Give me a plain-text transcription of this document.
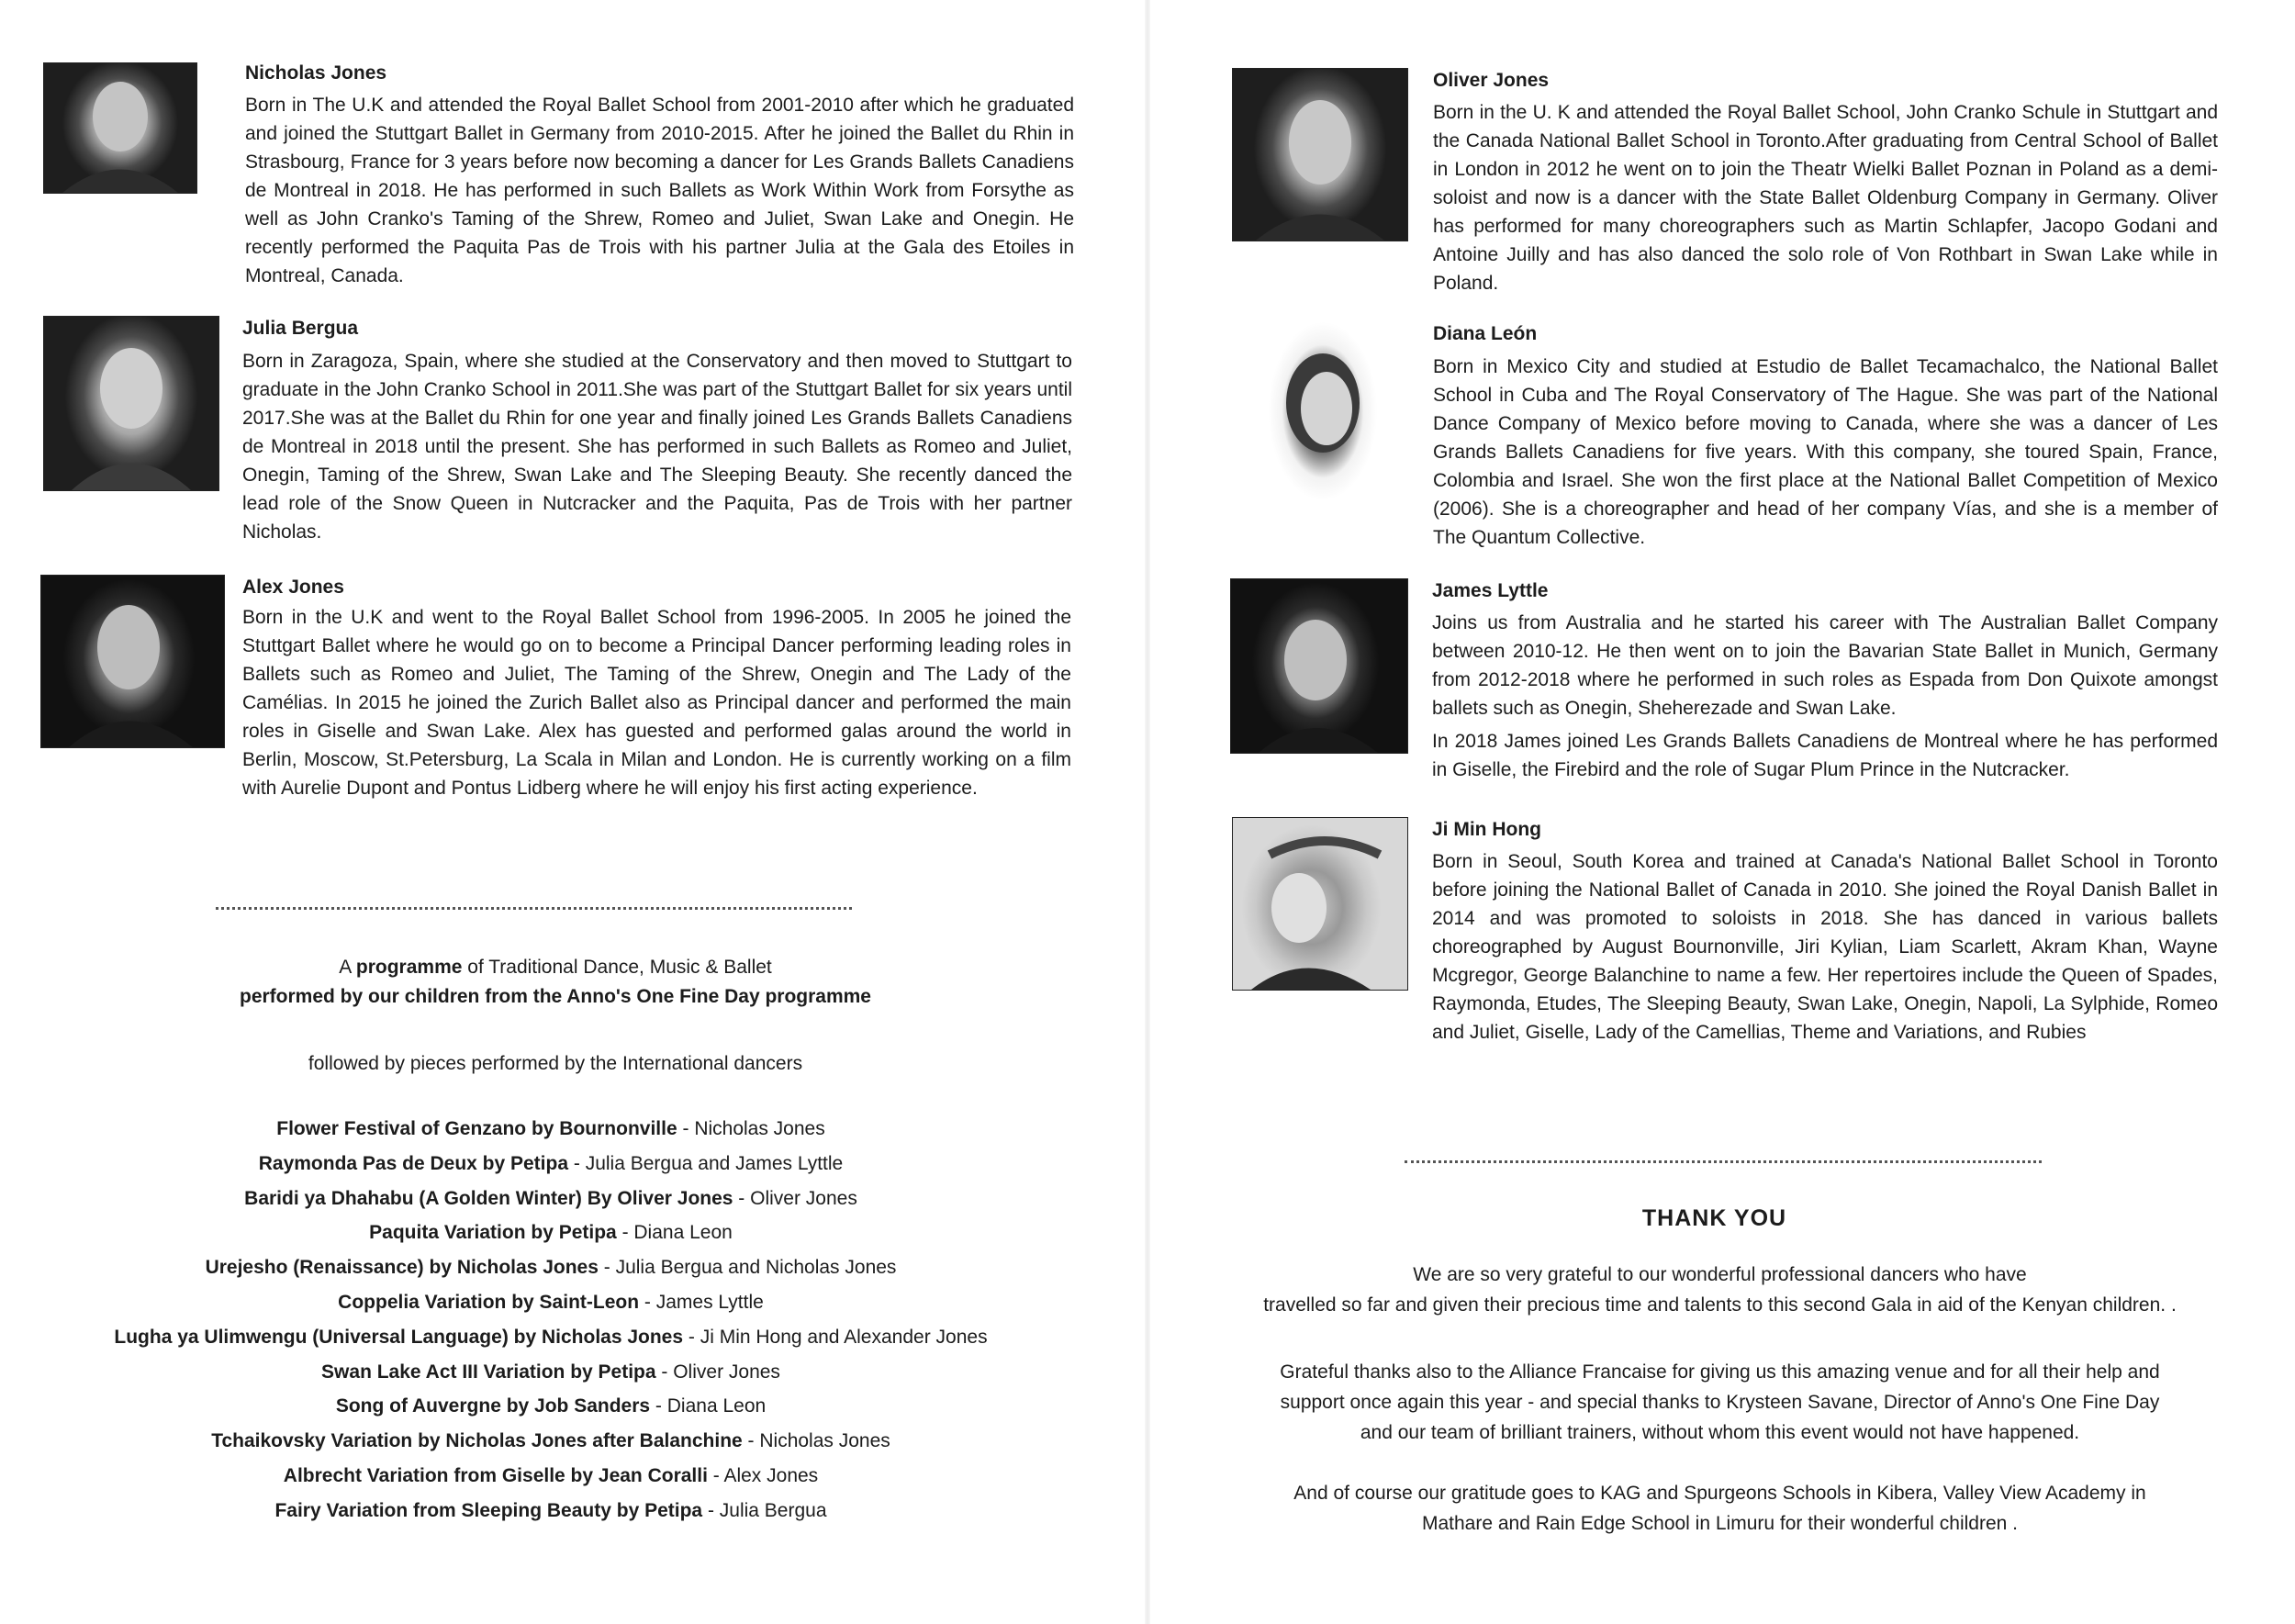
Nicholas Jones
Born in The U.K and attended the Royal Ballet School from 2001-2010 after which he graduated and joined the Stuttgart Ballet in Germany from 2010-2015. After he joined the Ballet du Rhin in Strasbourg, France for 3 years before now becoming a dancer for Les Grands Ballets Canadiens de Montreal in 2018. He has performed in such Ballets as Work Within Work from Forsythe as well as John Cranko's Taming of the Shrew, Romeo and Juliet, Swan Lake and Onegin. He recently performed the Paquita Pas de Trois with his partner Julia at the Gala des Etoiles in Montreal, Canada.
Julia Bergua
Born in Zaragoza, Spain, where she studied at the Conservatory and then moved to Stuttgart to graduate in the John Cranko School in 2011.She was part of the Stuttgart Ballet for six years until 2017.She was at the Ballet du Rhin for one year and finally joined Les Grands Ballets Canadiens de Montreal in 2018 until the present. She has performed in such Ballets as Romeo and Juliet, Onegin, Taming of the Shrew, Swan Lake and The Sleeping Beauty. She recently danced the lead role of the Snow Queen in Nutcracker and the Paquita, Pas de Trois with her partner Nicholas.
Alex Jones
Born in the U.K and went to the Royal Ballet School from 1996-2005. In 2005 he joined the Stuttgart Ballet where he would go on to become a Principal Dancer performing leading roles in Ballets such as Romeo and Juliet, The Taming of the Shrew, Onegin and The Lady of the Camélias. In 2015 he joined the Zurich Ballet also as Principal dancer and performed the main roles in Giselle and Swan Lake. Alex has guested and performed galas around the world in Berlin, Moscow, St.Petersburg, La Scala in Milan and London. He is currently working on a film with Aurelie Dupont and Pontus Lidberg where he will enjoy his first acting experience.
A programme of Traditional Dance, Music & Ballet
performed by our children from the Anno's One Fine Day programme
followed by pieces performed by the International dancers
Flower Festival of Genzano by Bournonville - Nicholas Jones
Raymonda Pas de Deux by Petipa - Julia Bergua and James Lyttle
Baridi ya Dhahabu (A Golden Winter) By Oliver Jones - Oliver Jones
Paquita Variation by Petipa - Diana Leon
Urejesho (Renaissance) by Nicholas Jones - Julia Bergua and Nicholas Jones
Coppelia Variation by Saint-Leon - James Lyttle
Lugha ya Ulimwengu (Universal Language) by Nicholas Jones - Ji Min Hong and Alexander Jones
Swan Lake Act III Variation by Petipa - Oliver Jones
Song of Auvergne by Job Sanders - Diana Leon
Tchaikovsky Variation by Nicholas Jones after Balanchine - Nicholas Jones
Albrecht Variation from Giselle by Jean Coralli - Alex Jones
Fairy Variation from Sleeping Beauty by Petipa - Julia Bergua
Oliver Jones
Born in the U. K and attended the Royal Ballet School, John Cranko Schule in Stuttgart and the Canada National Ballet School in Toronto.After graduating from Central School of Ballet in London in 2012 he went on to join the Theatr Wielki Ballet Poznan in Poland as a demi-soloist and now is a dancer with the State Ballet Oldenburg Company in Germany. Oliver has performed for many choreographers such as Martin Schlapfer, Jacopo Godani and Antoine Juilly and has also danced the solo role of Von Rothbart in Swan Lake while in Poland.
Diana León
Born in Mexico City and studied at Estudio de Ballet Tecamachalco, the National Ballet School in Cuba and The Royal Conservatory of The Hague. She was part of the National Dance Company of Mexico before moving to Canada, where she was a dancer of Les Grands Ballets Canadiens for five years. With this company, she toured Spain, France, Colombia and Israel. She won the first place at the National Ballet Competition of Mexico (2006). She is a choreographer and head of her company Vías, and she is a member of The Quantum Collective.
James Lyttle

Joins us from Australia and he started his career with The Australian Ballet Company between 2010-12. He then went on to join the Bavarian State Ballet in Munich, Germany from 2012-2018 where he performed in such roles as Espada from Don Quixote amongst ballets such as Onegin, Sheherezade and Swan Lake.

In 2018 James joined Les Grands Ballets Canadiens de Montreal where he has performed in Giselle, the Firebird and the role of Sugar Plum Prince in the Nutcracker.

Ji Min Hong
Born in Seoul, South Korea and trained at Canada's National Ballet School in Toronto before joining the National Ballet of Canada in 2010. She joined the Royal Danish Ballet in 2014 and was promoted to soloists in 2018. She has danced in various ballets choreographed by August Bournonville, Jiri Kylian, Liam Scarlett, Akram Khan, Wayne Mcgregor, George Balanchine to name a few. Her repertoires include the Queen of Spades, Raymonda, Etudes, The Sleeping Beauty, Swan Lake, Onegin, Napoli, La Sylphide, Romeo and Juliet, Giselle, Lady of the Camellias, Theme and Variations, and Rubies
THANK YOU
We are so very grateful to our wonderful professional dancers who have
travelled so far and given their precious time and talents to this second Gala in aid of the Kenyan children. .
Grateful thanks also to the Alliance Francaise for giving us this amazing venue and for all their help and
support once again this year - and special thanks to Krysteen Savane, Director of Anno's One Fine Day
and our team of brilliant trainers, without whom this event would not have happened.
And of course our gratitude goes to KAG and Spurgeons Schools in Kibera, Valley View Academy in
Mathare and Rain Edge School in Limuru for their wonderful children .
